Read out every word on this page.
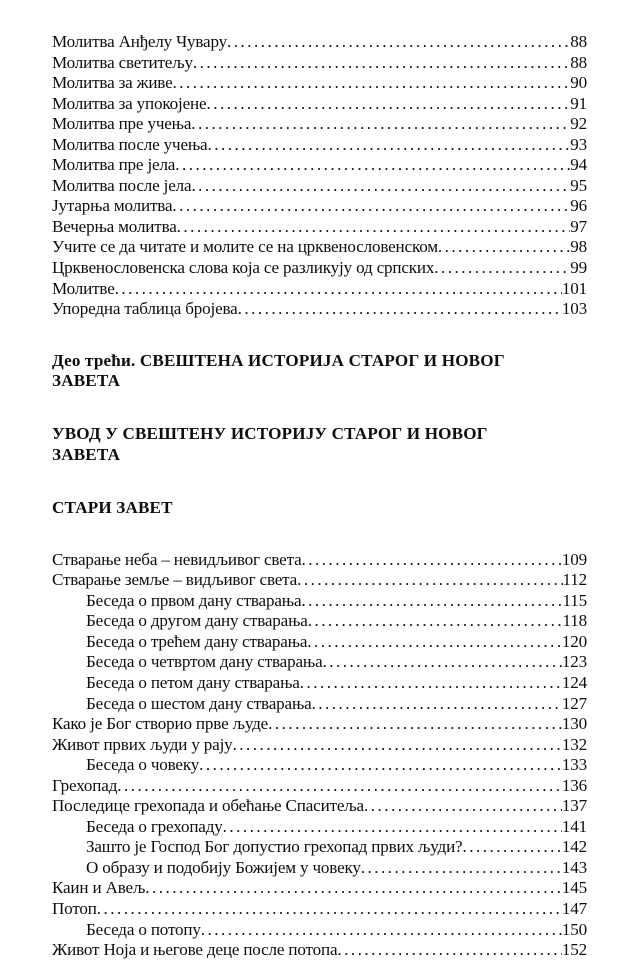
Молитва Анђелу Чувару . . .	88
Молитва светитељу . . .	88
Молитва за живе . . .	90
Молитва за упокојене . . .	91
Молитва пре учења . . .	92
Молитва после учења . . .	93
Молитва пре јела . . .	94
Молитва после јела . . .	95
Јутарња молитва . . .	96
Вечерња молитва . . .	97
Учите се да читате и молите се на црквенословенском . . .	98
Црквенословенска слова која се разликују од српских . . .	99
Молитве . . .	101
Упоредна таблица бројева . . .	103
Део трећи. СВЕШТЕНА ИСТОРИЈА СТАРОГ И НОВОГ ЗАВЕТА
УВОД У СВЕШТЕНУ ИСТОРИЈУ СТАРОГ И НОВОГ ЗАВЕТА
СТАРИ ЗАВЕТ
Стварање неба – невидљивог света . . .	109
Стварање земље – видљивог света . . .	112
Беседа о првом дану стварања . . .	115
Беседа о другом дану стварања . . .	118
Беседа о трећем дану стварања . . .	120
Беседа о четвртом дану стварања . . .	123
Беседа о петом дану стварања . . .	124
Беседа о шестом дану стварања . . .	127
Како је Бог створио прве људе . . .	130
Живот првих људи у рају . . .	132
Беседа о човеку . . .	133
Грехопад . . .	136
Последице грехопада и обећање Спаситеља . . .	137
Беседа о грехопаду . . .	141
Зашто је Господ Бог допустио грехопад првих људи? . . .	142
О образу и подобију Божијем у човеку . . .	143
Каин и Авељ . . .	145
Потоп . . .	147
Беседа о потопу . . .	150
Живот Ноја и његове деце после потопа . . .	152
